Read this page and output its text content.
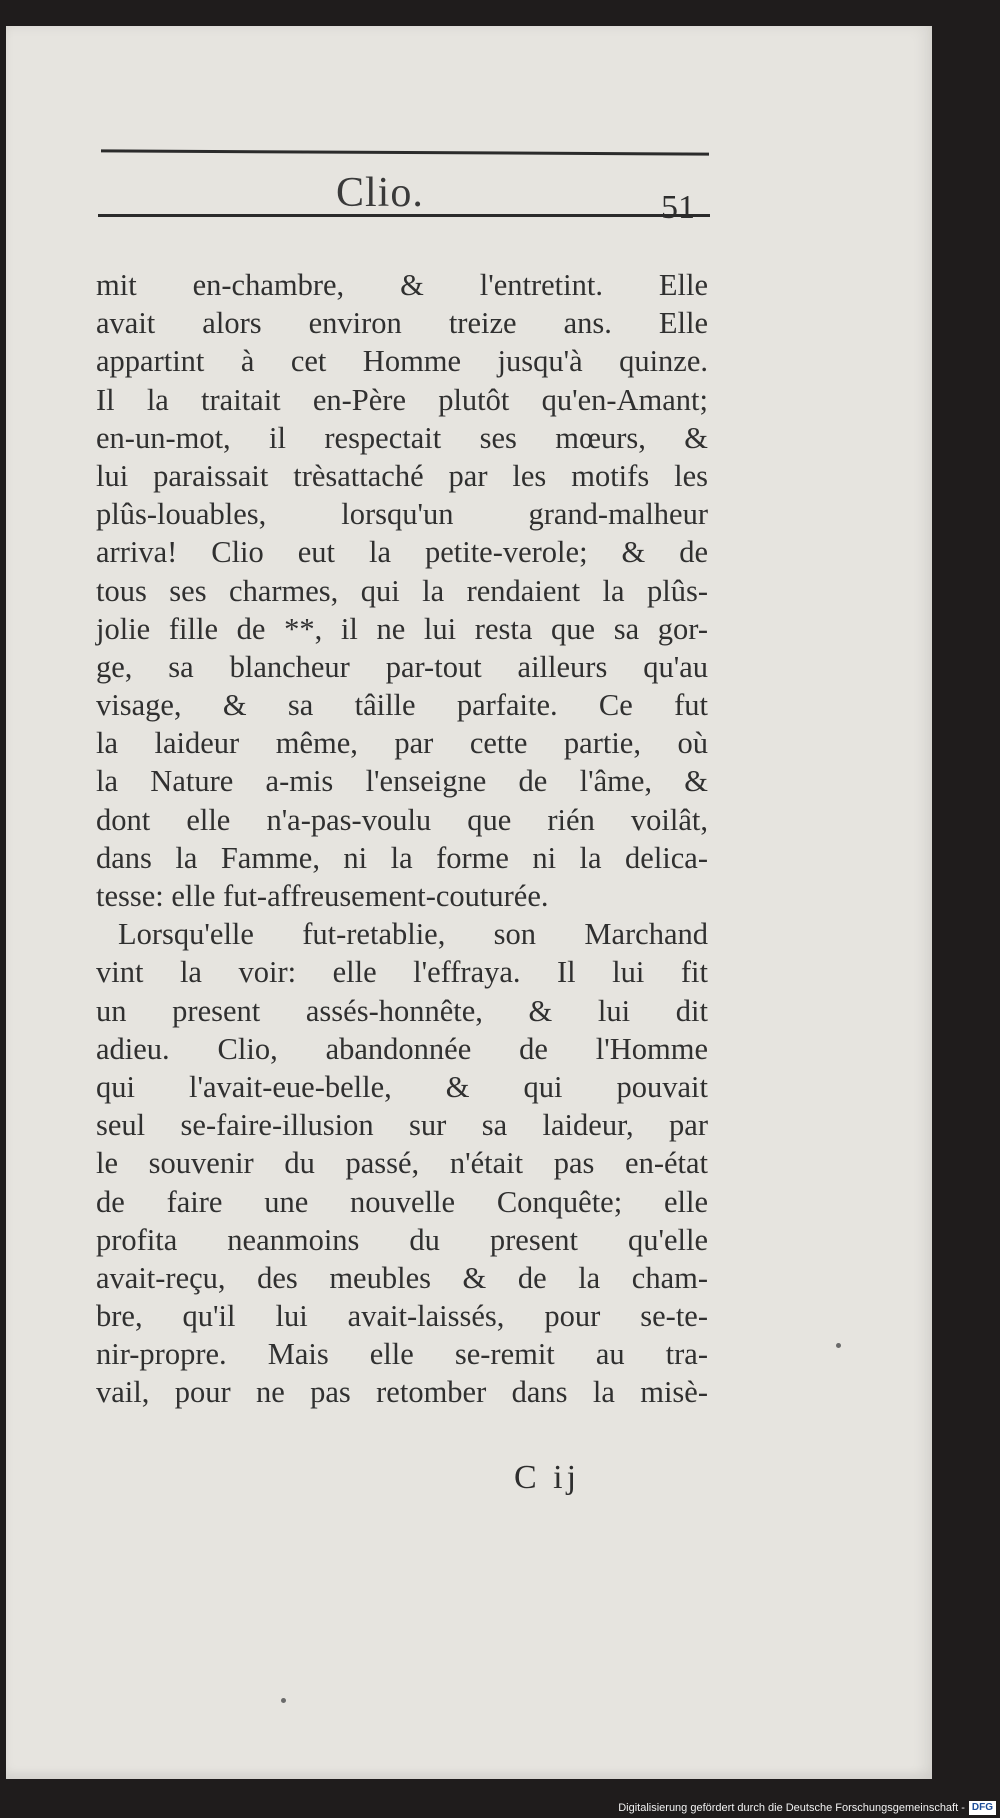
Clio.	51
mit en-chambre, & l'entretint. Elle
avait alors environ treize ans. Elle
appartint à cet Homme jusqu'à quinze.
Il la traitait en-Père plutôt qu'en-Amant;
en-un-mot, il respectait ses mœurs, &
lui paraissait trèsattaché par les motifs les
plûs-louables, lorsqu'un grand-malheur
arriva! Clio eut la petite-verole; & de
tous ses charmes, qui la rendaient la plûs-
jolie fille de **, il ne lui resta que sa gor-
ge, sa blancheur par-tout ailleurs qu'au
visage, & sa tâille parfaite. Ce fut
la laideur même, par cette partie, où
la Nature a-mis l'enseigne de l'âme, &
dont elle n'a-pas-voulu que rién voilât,
dans la Famme, ni la forme ni la delica-
tesse: elle fut-affreusement-couturée.
Lorsqu'elle fut-retablie, son Marchand
vint la voir: elle l'effraya. Il lui fit
un present assés-honnête, & lui dit
adieu. Clio, abandonnée de l'Homme
qui l'avait-eue-belle, & qui pouvait
seul se-faire-illusion sur sa laideur, par
le souvenir du passé, n'était pas en-état
de faire une nouvelle Conquête; elle
profita neanmoins du present qu'elle
avait-reçu, des meubles & de la cham-
bre, qu'il lui avait-laissés, pour se-te-
nir-propre. Mais elle se-remit au tra-
vail, pour ne pas retomber dans la misè-
C ij
Digitalisierung gefördert durch die Deutsche Forschungsgemeinschaft - DFG
